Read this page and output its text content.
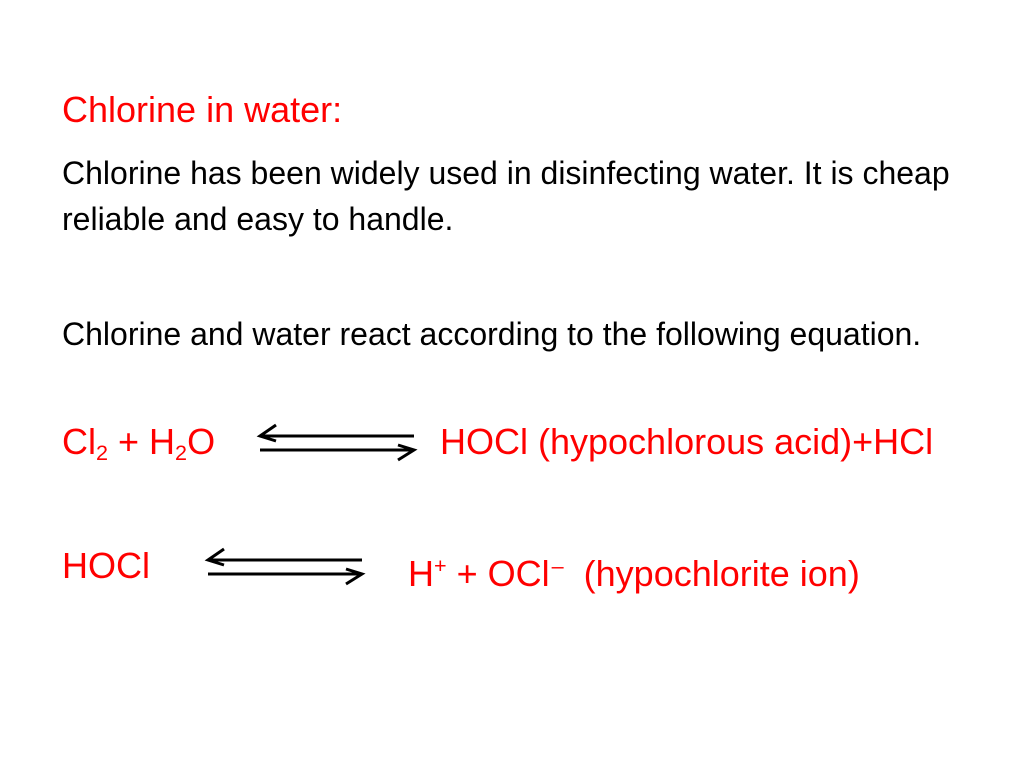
Chlorine in water:
Chlorine has been widely used in disinfecting water. It is cheap reliable and easy to handle.
Chlorine and water react according to the following equation.
$Cl_2 + H_2O$	HOCl (hypochlorous acid)+HCl
HOCl	H+ + OCl–  (hypochlorite ion)
